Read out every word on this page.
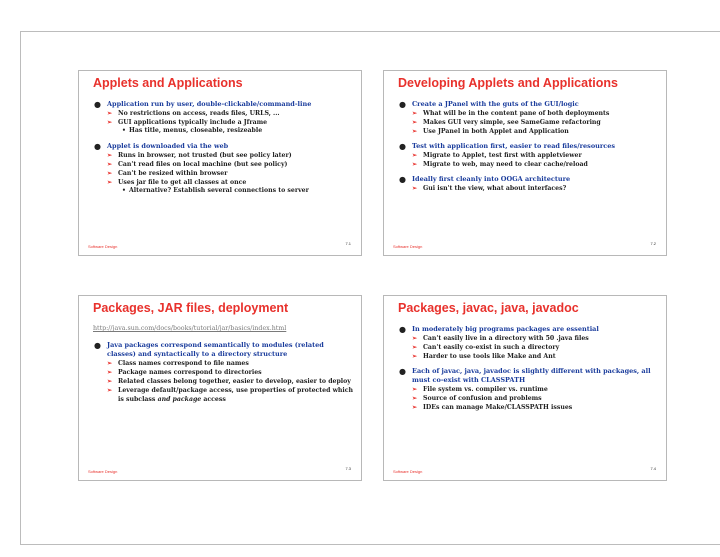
Applets and Applications
● Application run by user, double-clickable/command-line
➢ No restrictions on access, reads files, URLS, ...
➢ GUI applications typically include a Jframe
• Has title, menus, closeable, resizeable
● Applet is downloaded via the web
➢ Runs in browser, not trusted (but see policy later)
➢ Can't read files on local machine (but see policy)
➢ Can't be resized within browser
➢ Uses jar file to get all classes at once
• Alternative? Establish several connections to server
Software Design
7.1
Developing Applets and Applications
● Create a JPanel with the guts of the GUI/logic
➢ What will be in the content pane of both deployments
➢ Makes GUI very simple, see SameGame refactoring
➢ Use JPanel in both Applet and Application
● Test with application first, easier to read files/resources
➢ Migrate to Applet, test first with appletviewer
➢ Migrate to web, may need to clear cache/reload
● Ideally first cleanly into OOGA architecture
➢ Gui isn't the view, what about interfaces?
Software Design
7.2
Packages, JAR files, deployment
http://java.sun.com/docs/books/tutorial/jar/basics/index.html
● Java packages correspond semantically to modules (related classes) and syntactically to a directory structure
➢ Class names correspond to file names
➢ Package names correspond to directories
➢ Related classes belong together, easier to develop, easier to deploy
➢ Leverage default/package access, use properties of protected which is subclass and package access
Software Design
7.3
Packages, javac, java, javadoc
● In moderately big programs packages are essential
➢ Can't easily live in a directory with 50 .java files
➢ Can't easily co-exist in such a directory
➢ Harder to use tools like Make and Ant
● Each of javac, java, javadoc is slightly different with packages, all must co-exist with CLASSPATH
➢ File system vs. compiler vs. runtime
➢ Source of confusion and problems
➢ IDEs can manage Make/CLASSPATH issues
Software Design
7.4
